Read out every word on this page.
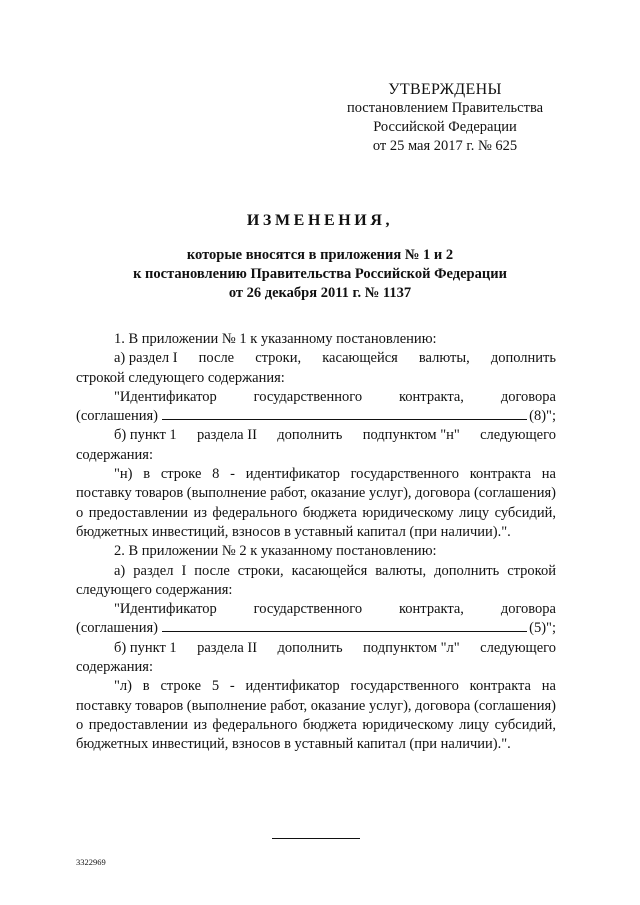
УТВЕРЖДЕНЫ
постановлением Правительства
Российской Федерации
от 25 мая 2017 г. № 625
ИЗМЕНЕНИЯ,
которые вносятся в приложения № 1 и 2
к постановлению Правительства Российской Федерации
от 26 декабря 2011 г. № 1137

1. В приложении № 1 к указанному постановлению:

а) раздел I после строки, касающейся валюты, дополнить

строкой следующего содержания:

"Идентификатор	государственного	контракта,	договора
(соглашения)	(8)";
б) пункт 1 раздела II дополнить подпунктом "н" следующего

содержания:

"н) в строке 8 - идентификатор государственного контракта на поставку товаров (выполнение работ, оказание услуг), договора (соглашения) о предоставлении из федерального бюджета юридическому лицу субсидий, бюджетных инвестиций, взносов в уставный капитал (при наличии).".

2. В приложении № 2 к указанному постановлению:

а) раздел I после строки, касающейся валюты, дополнить строкой следующего содержания:

"Идентификатор	государственного	контракта,	договора
(соглашения)	(5)";
б) пункт 1 раздела II дополнить подпунктом "л" следующего

содержания:

"л) в строке 5 - идентификатор государственного контракта на поставку товаров (выполнение работ, оказание услуг), договора (соглашения) о предоставлении из федерального бюджета юридическому лицу субсидий, бюджетных инвестиций, взносов в уставный капитал (при наличии).".

3322969
